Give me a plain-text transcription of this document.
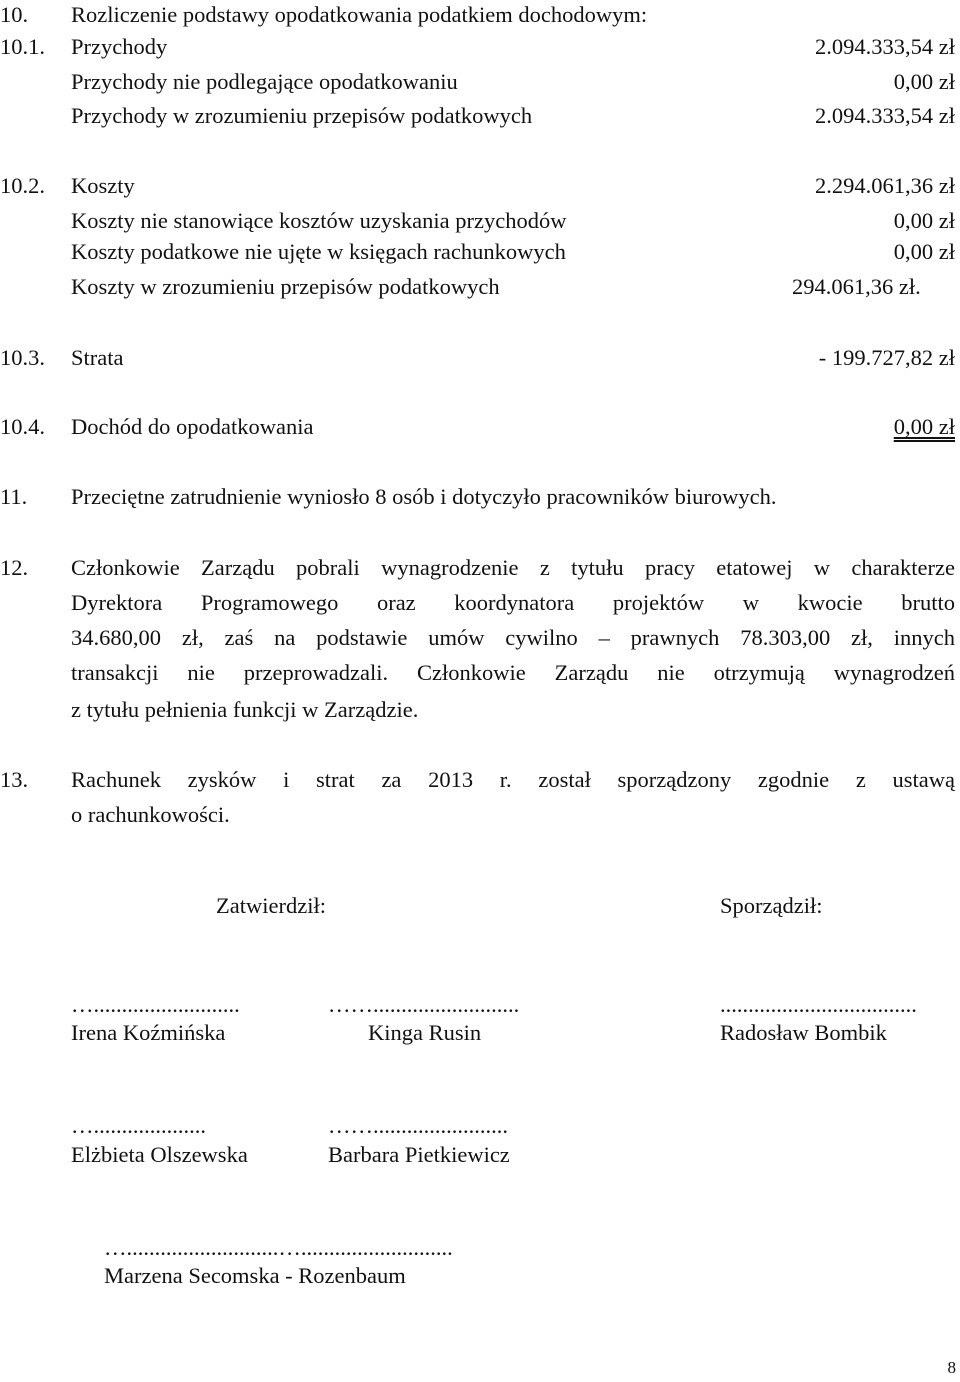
10. Rozliczenie podstawy opodatkowania podatkiem dochodowym:
10.1. Przychody	2.094.333,54 zł
Przychody nie podlegające opodatkowaniu	0,00 zł
Przychody w zrozumieniu przepisów podatkowych	2.094.333,54 zł
10.2. Koszty	2.294.061,36 zł
Koszty nie stanowiące kosztów uzyskania przychodów	0,00 zł
Koszty podatkowe nie ujęte w księgach rachunkowych	0,00 zł
Koszty w zrozumieniu przepisów podatkowych	294.061,36 zł.
10.3. Strata	- 199.727,82 zł
10.4. Dochód do opodatkowania	0,00 zł
11. Przeciętne zatrudnienie wyniosło 8 osób i dotyczyło pracowników biurowych.
12. Członkowie Zarządu pobrali wynagrodzenie z tytułu pracy etatowej w charakterze
Dyrektora Programowego oraz koordynatora projektów w kwocie brutto
34.680,00 zł, zaś na podstawie umów cywilno – prawnych 78.303,00 zł, innych
transakcji nie przeprowadzali. Członkowie Zarządu nie otrzymują wynagrodzeń
z tytułu pełnienia funkcji w Zarządzie.
13. Rachunek zysków i strat za 2013 r. został sporządzony zgodnie z ustawą
o rachunkowości.
Zatwierdził:	Sporządził:
…..........................
Irena Koźmińska
……..........................
Kinga Rusin
...................................
Radosław Bombik
…....................
Elżbieta Olszewska
……........................
Barbara Pietkiewicz
…...........................…...........................
Marzena Secomska - Rozenbaum
8
